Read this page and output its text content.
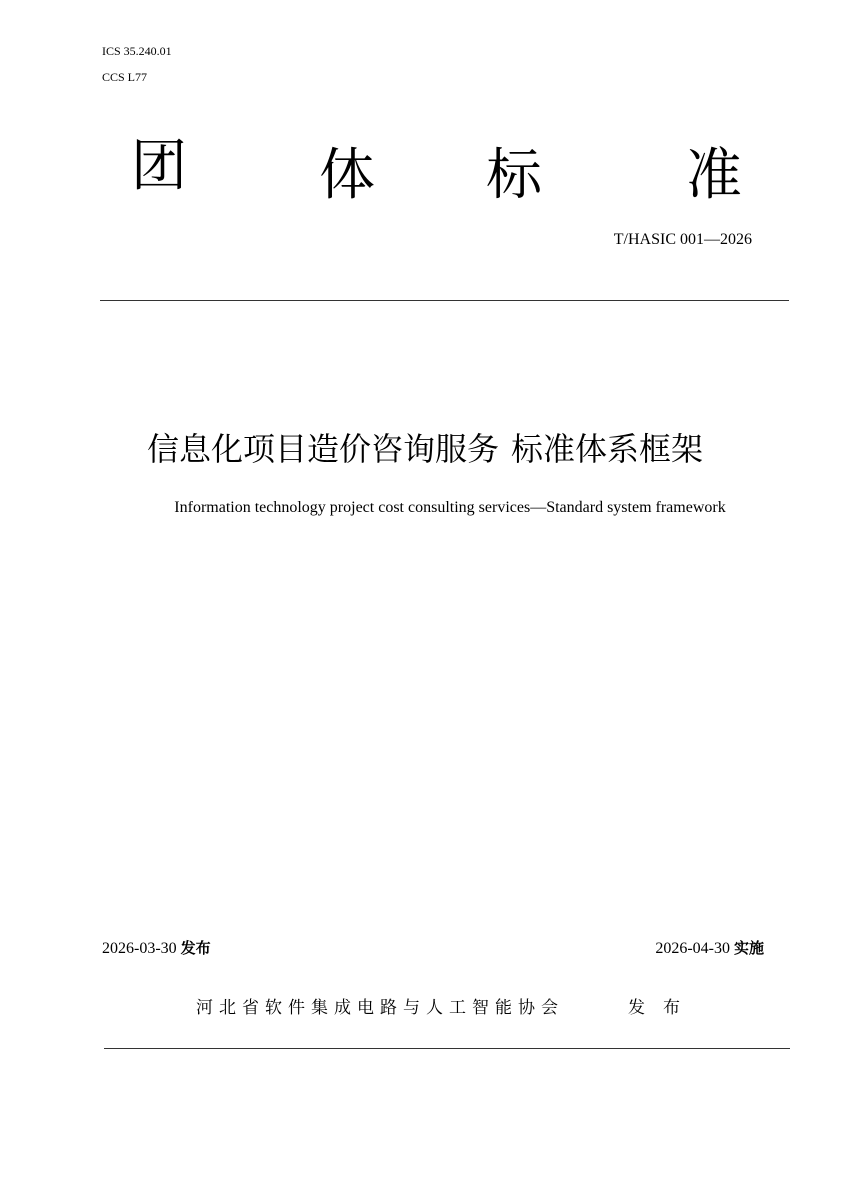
ICS 35.240.01

CCS L77

团 体 标	准

T/HASIC 001—2026

信息化项目造价咨询服务 标准体系框架

Information technology project cost consulting services—Standard system framework

2026-03-30 发布	2026-04-30 实施

河北省软件集成电路与人工智能协会	发布
